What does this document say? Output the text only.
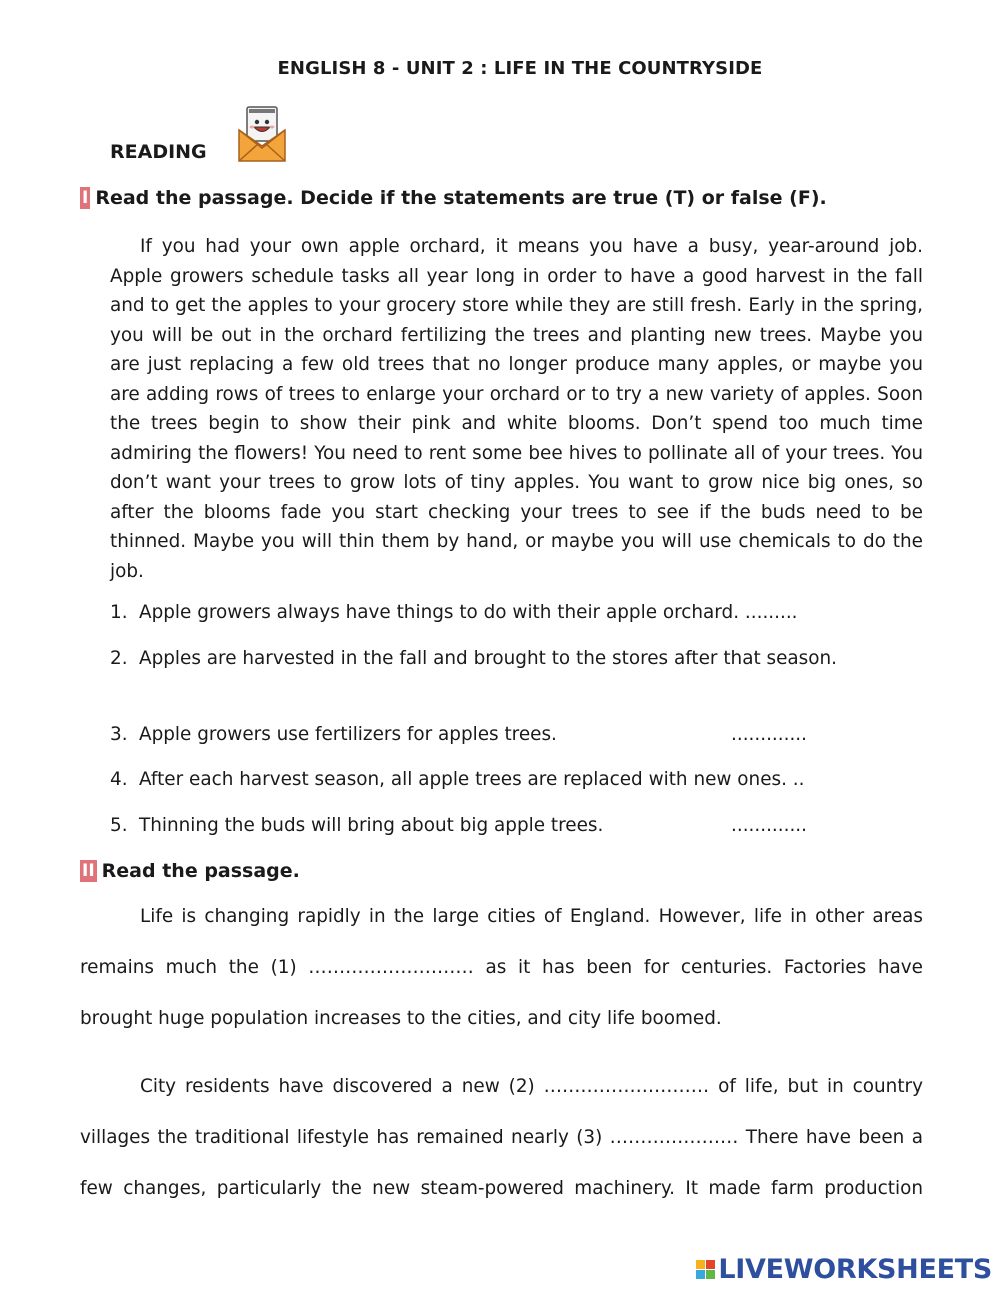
ENGLISH 8 - UNIT 2 : LIFE IN THE COUNTRYSIDE
READING
I Read the passage. Decide if the statements are true (T) or false (F).
If you had your own apple orchard, it means you have a busy, year-around job. Apple growers schedule tasks all year long in order to have a good harvest in the fall and to get the apples to your grocery store while they are still fresh. Early in the spring, you will be out in the orchard fertilizing the trees and planting new trees. Maybe you are just replacing a few old trees that no longer produce many apples, or maybe you are adding rows of trees to enlarge your orchard or to try a new variety of apples. Soon the trees begin to show their pink and white blooms. Don’t spend too much time admiring the flowers! You need to rent some bee hives to pollinate all of your trees. You don’t want your trees to grow lots of tiny apples. You want to grow nice big ones, so after the blooms fade you start checking your trees to see if the buds need to be thinned. Maybe you will thin them by hand, or maybe you will use chemicals to do the job.
1. Apple growers always have things to do with their apple orchard. .........
2. Apples are harvested in the fall and brought to the stores after that season.
3. Apple growers use fertilizers for apples trees.	.............
4. After each harvest season, all apple trees are replaced with new ones. ..
5. Thinning the buds will bring about big apple trees.	.............
II Read the passage.
Life is changing rapidly in the large cities of England. However, life in other areas
remains much the (1) ……………………… as it has been for centuries. Factories have
brought huge population increases to the cities, and city life boomed.
City residents have discovered a new (2) ……………………… of life, but in country
villages the traditional lifestyle has remained nearly (3) ………………… There have been a
few changes, particularly the new steam-powered machinery. It made farm production
LIVEWORKSHEETS
